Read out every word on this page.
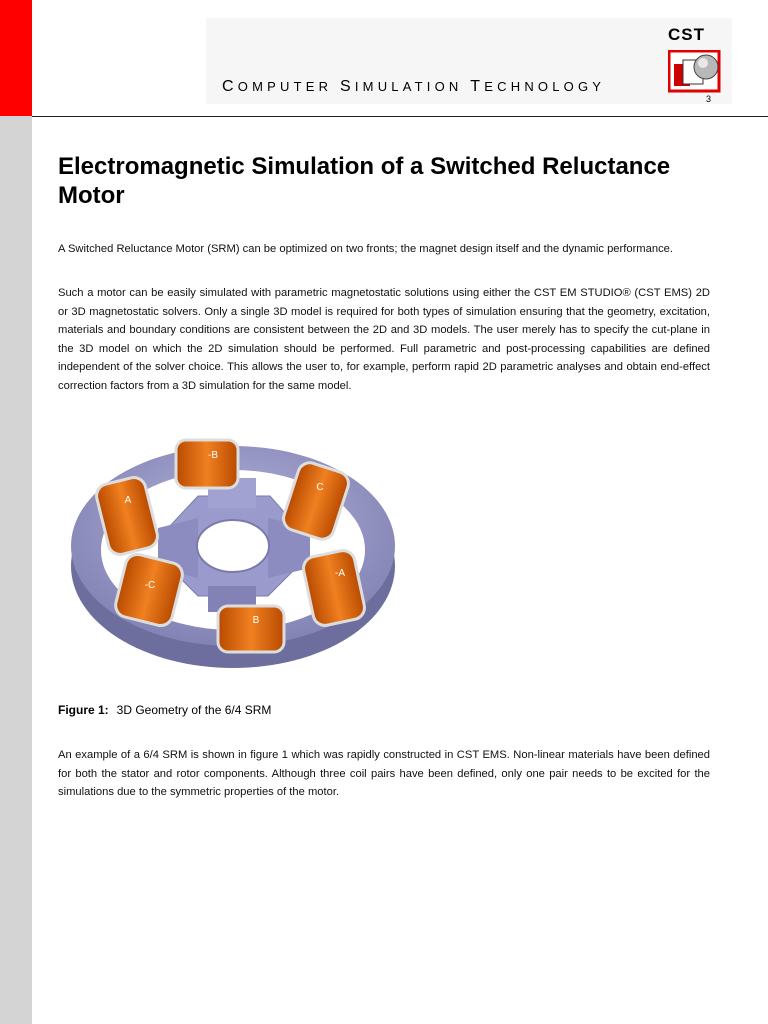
COMPUTER SIMULATION TECHNOLOGY
CST
3
Electromagnetic Simulation of a Switched Reluctance Motor

A Switched Reluctance Motor (SRM) can be optimized on two fronts; the magnet design itself and the dynamic performance.

Such a motor can be easily simulated with parametric magnetostatic solutions using either the CST EM STUDIO® (CST EMS) 2D or 3D magnetostatic solvers. Only a single 3D model is required for both types of simulation ensuring that the geometry, excitation, materials and boundary conditions are consistent between the 2D and 3D models. The user merely has to specify the cut-plane in the 3D model on which the 2D simulation should be performed. Full parametric and post-processing capabilities are defined independent of the solver choice. This allows the user to, for example, perform rapid 2D parametric analyses and obtain end-effect correction factors from a 3D simulation for the same model.

-B
C
-A
B
-C
A
Figure 1: 3D Geometry of the 6/4 SRM

An example of a 6/4 SRM is shown in figure 1 which was rapidly constructed in CST EMS. Non-linear materials have been defined for both the stator and rotor components. Although three coil pairs have been defined, only one pair needs to be excited for the simulations due to the symmetric properties of the motor.
